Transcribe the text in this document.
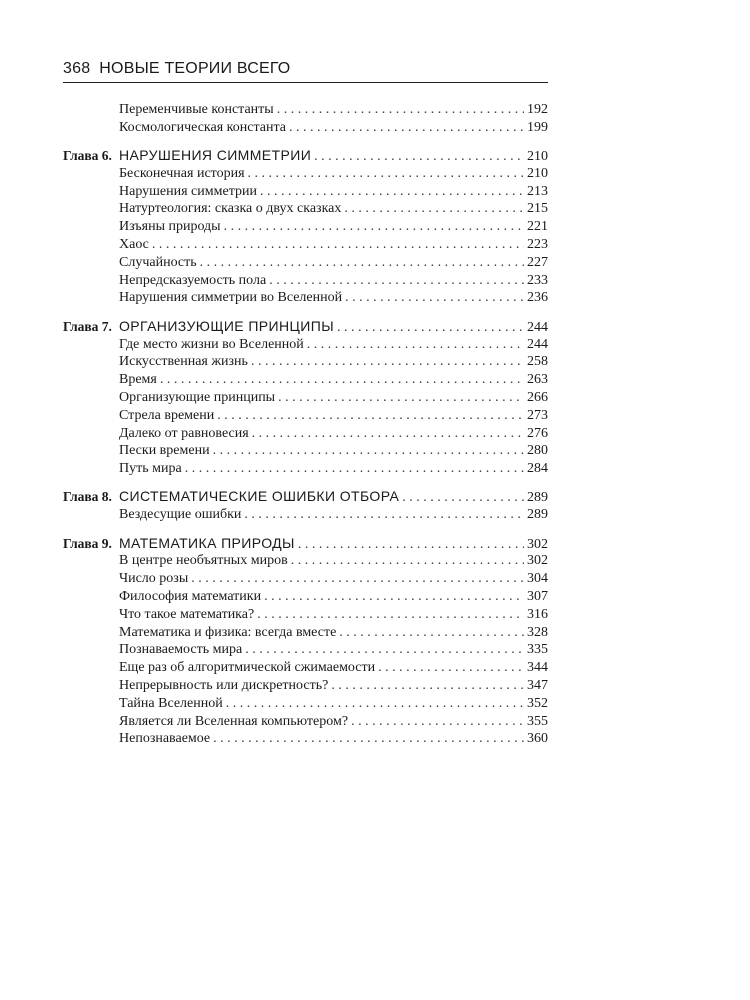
368 НОВЫЕ ТЕОРИИ ВСЕГО
Переменчивые константы . . .	192
Космологическая константа . . .	199
Глава 6. НАРУШЕНИЯ СИММЕТРИИ . . .	210
Бесконечная история . . .	210
Нарушения симметрии . . .	213
Натуртеология: сказка о двух сказках . . .	215
Изъяны природы . . .	221
Хаос . . .	223
Случайность . . .	227
Непредсказуемость пола . . .	233
Нарушения симметрии во Вселенной . . .	236
Глава 7. ОРГАНИЗУЮЩИЕ ПРИНЦИПЫ . . .	244
Где место жизни во Вселенной . . .	244
Искусственная жизнь . . .	258
Время . . .	263
Организующие принципы . . .	266
Стрела времени . . .	273
Далеко от равновесия . . .	276
Пески времени . . .	280
Путь мира . . .	284
Глава 8. СИСТЕМАТИЧЕСКИЕ ОШИБКИ ОТБОРА . . .	289
Вездесущие ошибки . . .	289
Глава 9. МАТЕМАТИКА ПРИРОДЫ . . .	302
В центре необъятных миров . . .	302
Число розы . . .	304
Философия математики . . .	307
Что такое математика? . . .	316
Математика и физика: всегда вместе . . .	328
Познаваемость мира . . .	335
Еще раз об алгоритмической сжимаемости . . .	344
Непрерывность или дискретность? . . .	347
Тайна Вселенной . . .	352
Является ли Вселенная компьютером? . . .	355
Непознаваемое . . .	360
